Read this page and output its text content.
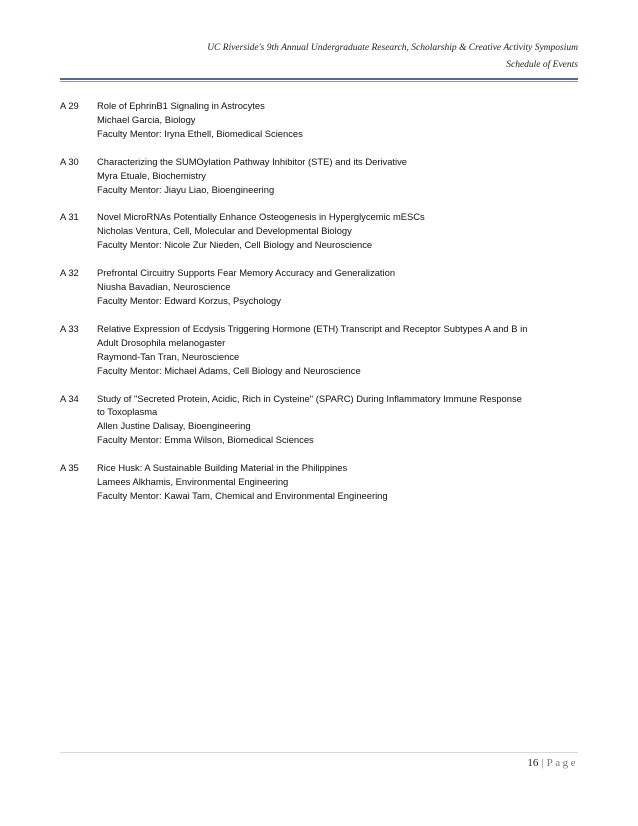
UC Riverside's 9th Annual Undergraduate Research, Scholarship & Creative Activity Symposium
Schedule of Events
A 29	Role of EphrinB1 Signaling in Astrocytes
Michael Garcia, Biology
Faculty Mentor: Iryna Ethell, Biomedical Sciences
A 30	Characterizing the SUMOylation Pathway Inhibitor (STE) and its Derivative
Myra Etuale, Biochemistry
Faculty Mentor: Jiayu Liao, Bioengineering
A 31	Novel MicroRNAs Potentially Enhance Osteogenesis in Hyperglycemic mESCs
Nicholas Ventura, Cell, Molecular and Developmental Biology
Faculty Mentor: Nicole Zur Nieden, Cell Biology and Neuroscience
A 32	Prefrontal Circuitry Supports Fear Memory Accuracy and Generalization
Niusha Bavadian, Neuroscience
Faculty Mentor: Edward Korzus, Psychology
A 33	Relative Expression of Ecdysis Triggering Hormone (ETH) Transcript and Receptor Subtypes A and B in
Adult Drosophila melanogaster
Raymond-Tan Tran, Neuroscience
Faculty Mentor: Michael Adams, Cell Biology and Neuroscience
A 34	Study of "Secreted Protein, Acidic, Rich in Cysteine" (SPARC) During Inflammatory Immune Response
to Toxoplasma
Allen Justine Dalisay, Bioengineering
Faculty Mentor: Emma Wilson, Biomedical Sciences
A 35	Rice Husk: A Sustainable Building Material in the Philippines
Lamees Alkhamis, Environmental Engineering
Faculty Mentor: Kawai Tam, Chemical and Environmental Engineering
16 | Page
